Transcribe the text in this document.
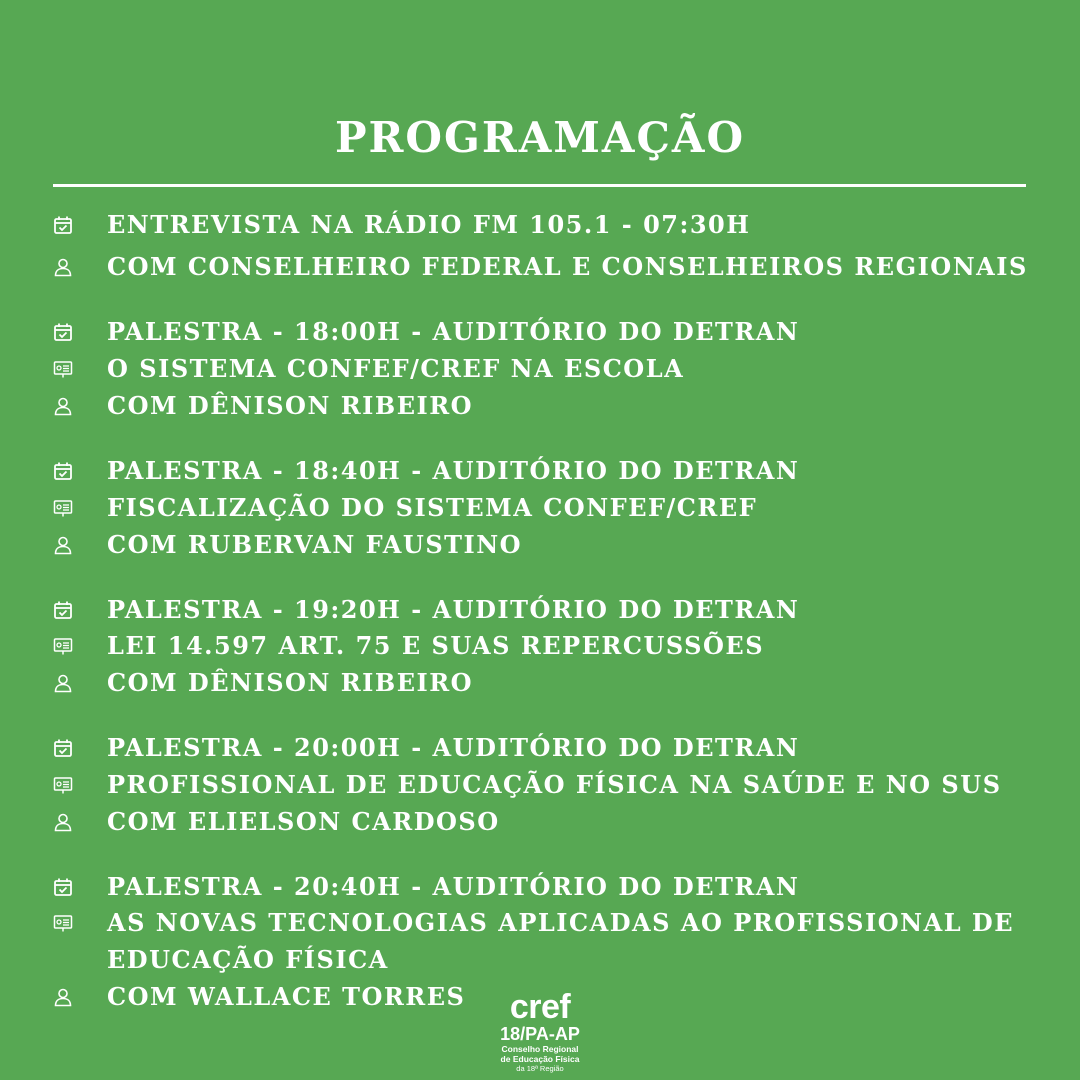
PROGRAMAÇÃO
ENTREVISTA NA RÁDIO FM 105.1 - 07:30H
COM CONSELHEIRO FEDERAL E CONSELHEIROS REGIONAIS
PALESTRA - 18:00H - AUDITÓRIO DO DETRAN
O SISTEMA CONFEF/CREF NA ESCOLA
COM DÊNISON RIBEIRO
PALESTRA - 18:40H - AUDITÓRIO DO DETRAN
FISCALIZAÇÃO DO SISTEMA CONFEF/CREF
COM RUBERVAN FAUSTINO
PALESTRA - 19:20H - AUDITÓRIO DO DETRAN
LEI 14.597 ART. 75 E SUAS REPERCUSSÕES
COM DÊNISON RIBEIRO
PALESTRA - 20:00H - AUDITÓRIO DO DETRAN
PROFISSIONAL DE EDUCAÇÃO FÍSICA NA SAÚDE E NO SUS
COM ELIELSON CARDOSO
PALESTRA - 20:40H - AUDITÓRIO DO DETRAN
AS NOVAS TECNOLOGIAS APLICADAS AO PROFISSIONAL DE
EDUCAÇÃO FÍSICA
COM WALLACE TORRES	cref
18/PA-AP
Conselho Regional
de Educação Física
da 18ª Região
